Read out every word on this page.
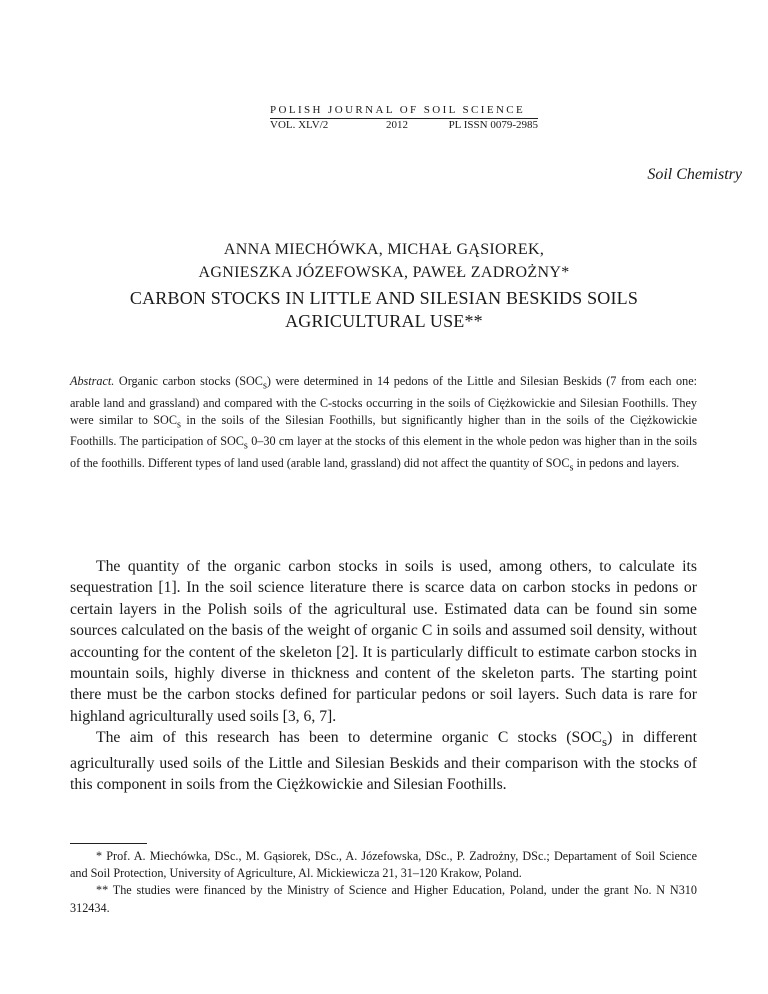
POLISH JOURNAL OF SOIL SCIENCE
VOL. XLV/2	2012	PL ISSN 0079-2985
Soil Chemistry
ANNA MIECHÓWKA, MICHAŁ GĄSIOREK,
AGNIESZKA JÓZEFOWSKA, PAWEŁ ZADROŻNY*
CARBON STOCKS IN LITTLE AND SILESIAN BESKIDS SOILS
AGRICULTURAL USE**
Abstract. Organic carbon stocks $(SOC_s)$ were determined in 14 pedons of the Little and Silesian Beskids (7 from each one: arable land and grassland) and compared with the C-stocks occurring in the soils of Ciężkowickie and Silesian Foothills. They were similar to $SOC_s$ in the soils of the Silesian Foothills, but significantly higher than in the soils of the Ciężkowickie Foothills. The participation of $SOC_s$ 0–30 cm layer at the stocks of this element in the whole pedon was higher than in the soils of the foothills. Different types of land used (arable land, grassland) did not affect the quantity of $SOC_s$ in pedons and layers.

The quantity of the organic carbon stocks in soils is used, among others, to calculate its sequestration [1]. In the soil science literature there is scarce data on carbon stocks in pedons or certain layers in the Polish soils of the agricultural use. Estimated data can be found sin some sources calculated on the basis of the weight of organic C in soils and assumed soil density, without accounting for the content of the skeleton [2]. It is particularly difficult to estimate carbon stocks in mountain soils, highly diverse in thickness and content of the skeleton parts. The starting point there must be the carbon stocks defined for particular pedons or soil layers. Such data is rare for highland agriculturally used soils [3, 6, 7].

The aim of this research has been to determine organic C stocks $(SOC_s)$ in different agriculturally used soils of the Little and Silesian Beskids and their comparison with the stocks of this component in soils from the Ciężkowickie and Silesian Foothills.

* Prof. A. Miechówka, DSc., M. Gąsiorek, DSc., A. Józefowska, DSc., P. Zadrożny, DSc.; Departament of Soil Science and Soil Protection, University of Agriculture, Al. Mickiewicza 21, 31–120 Krakow, Poland.

** The studies were financed by the Ministry of Science and Higher Education, Poland, under the grant No. N N310 312434.
